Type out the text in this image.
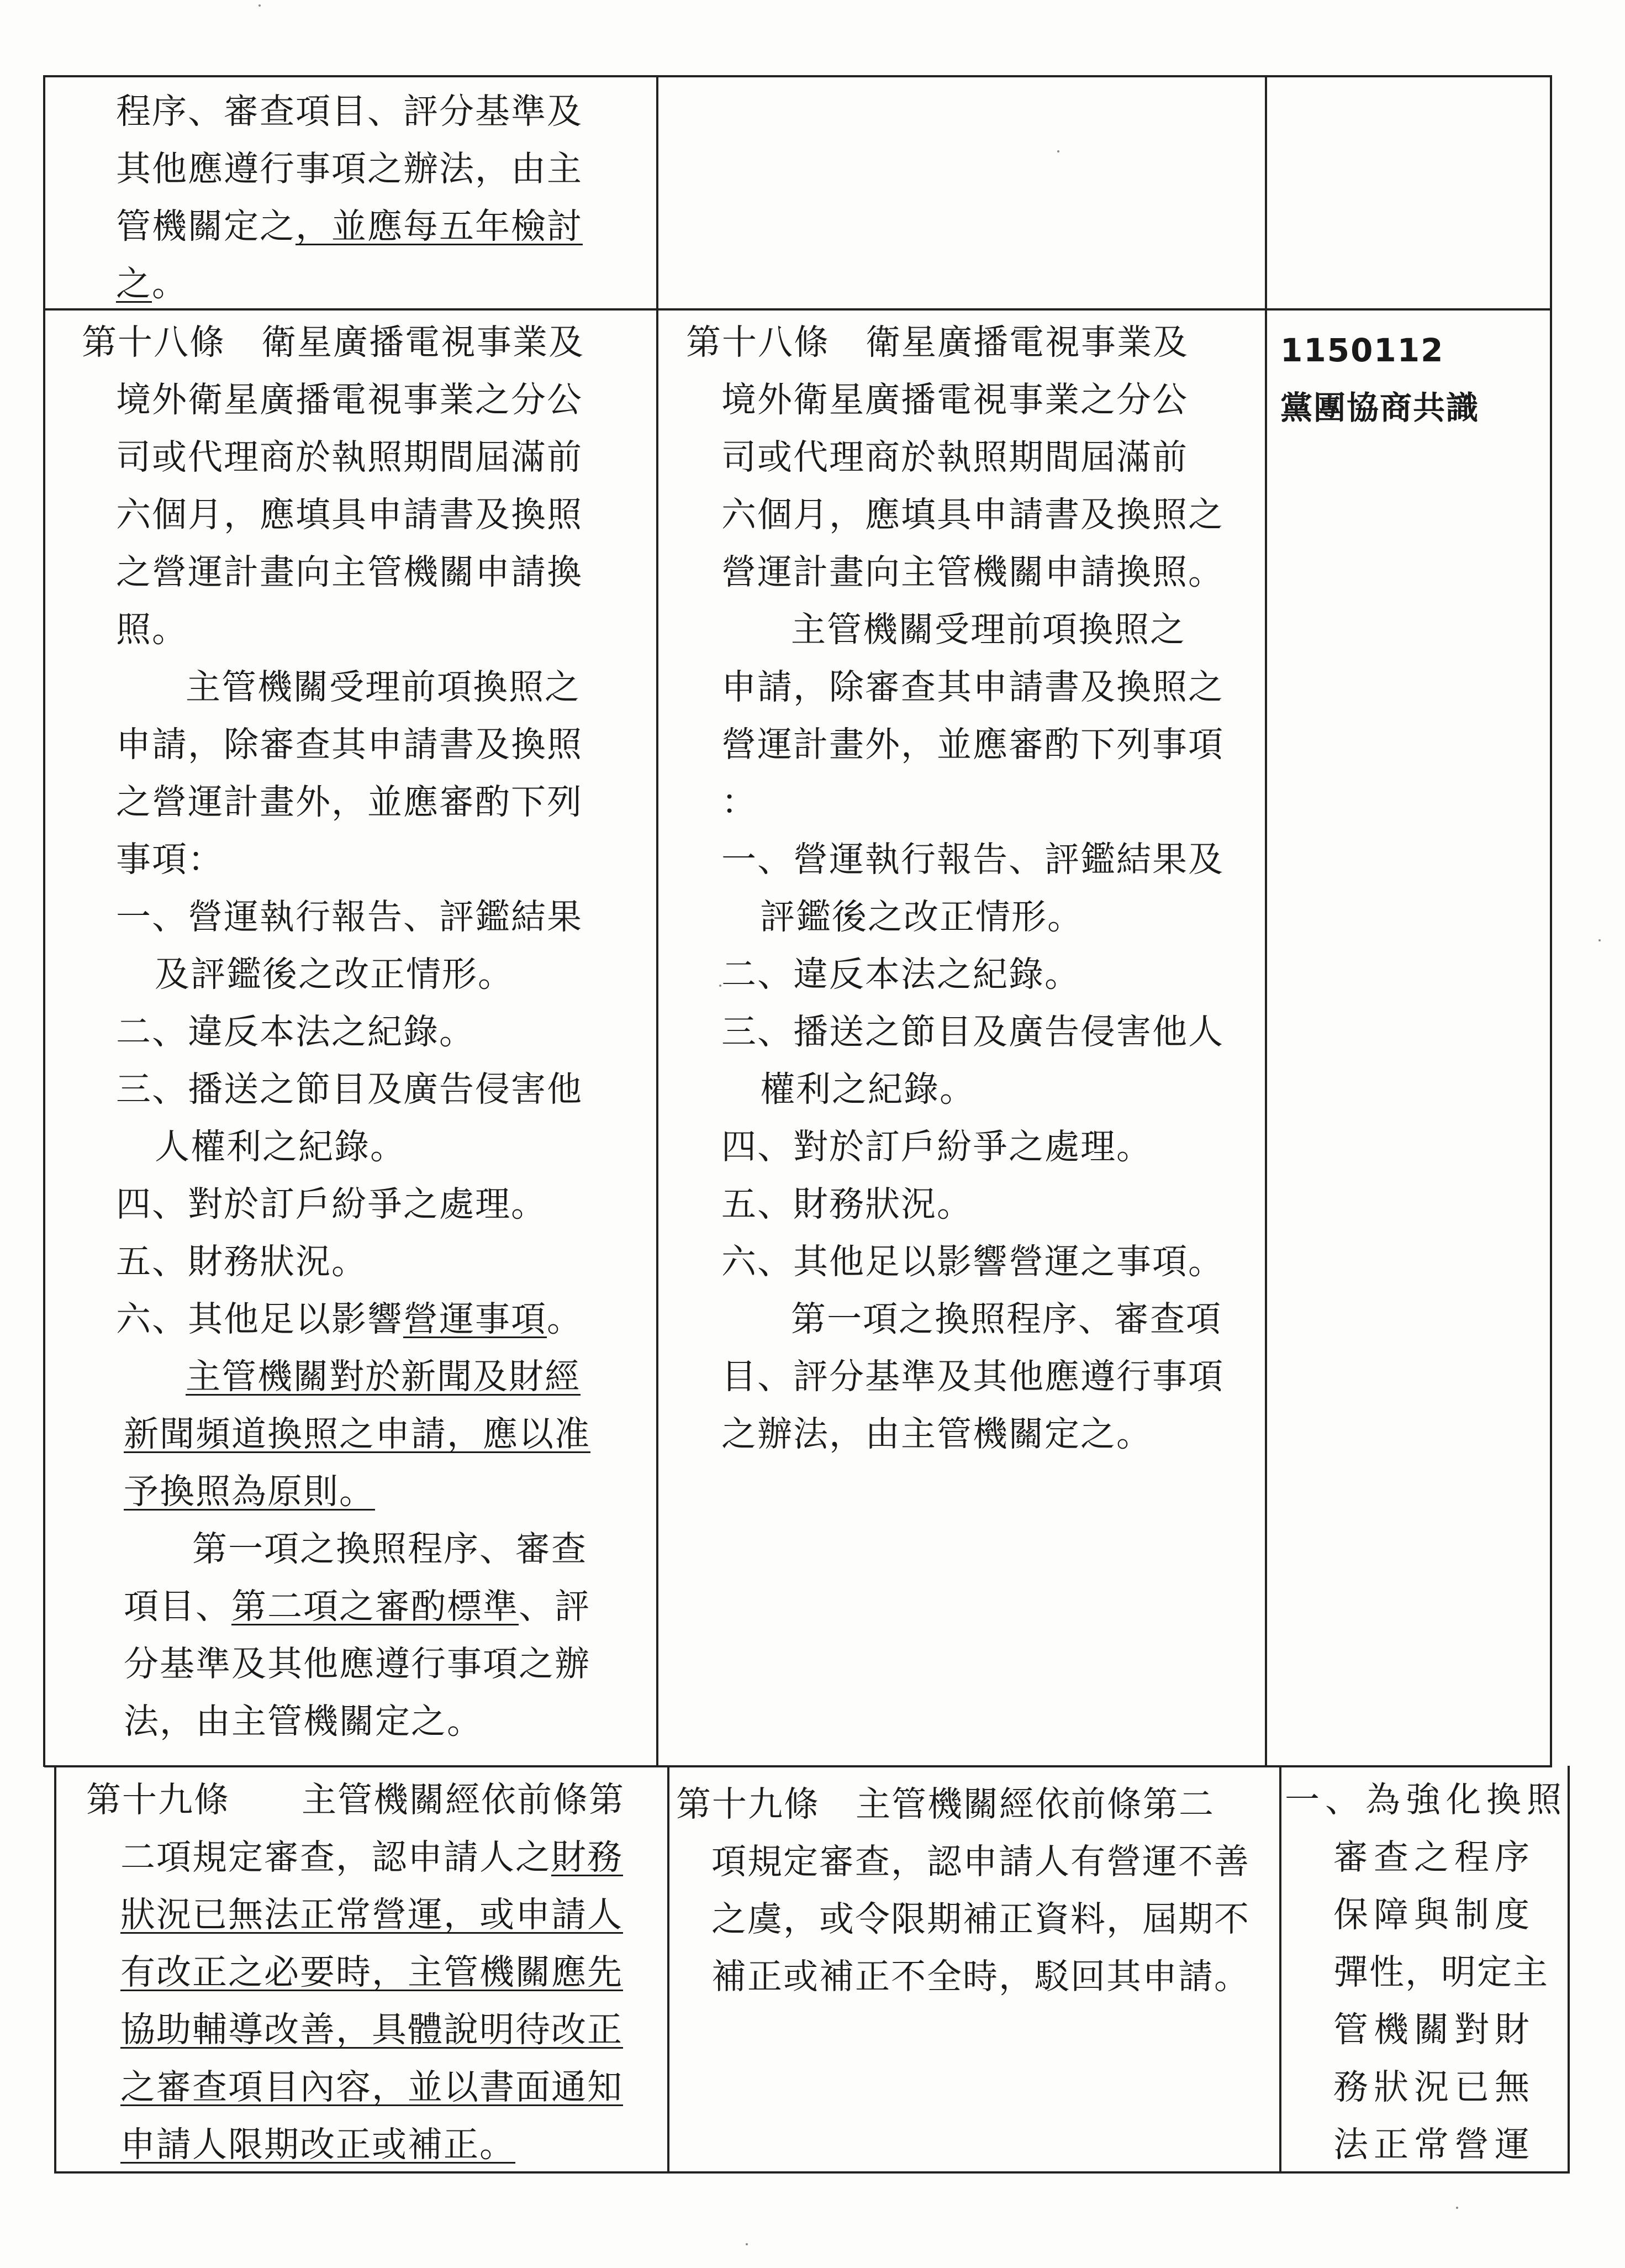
程序、審查項目、評分基準及
其他應遵行事項之辦法，由主
管機關定之，並應每五年檢討
之。
第十八條　衛星廣播電視事業及
境外衛星廣播電視事業之分公
司或代理商於執照期間屆滿前
六個月，應填具申請書及換照
之營運計畫向主管機關申請換
照。
主管機關受理前項換照之
申請，除審查其申請書及換照
之營運計畫外，並應審酌下列
事項：
一、營運執行報告、評鑑結果
及評鑑後之改正情形。
二、違反本法之紀錄。
三、播送之節目及廣告侵害他
人權利之紀錄。
四、對於訂戶紛爭之處理。
五、財務狀況。
六、其他足以影響營運事項。
主管機關對於新聞及財經
新聞頻道換照之申請，應以准
予換照為原則。
第一項之換照程序、審查
項目、第二項之審酌標準、評
分基準及其他應遵行事項之辦
法，由主管機關定之。
第十八條　衛星廣播電視事業及
境外衛星廣播電視事業之分公
司或代理商於執照期間屆滿前
六個月，應填具申請書及換照之
營運計畫向主管機關申請換照。
主管機關受理前項換照之
申請，除審查其申請書及換照之
營運計畫外，並應審酌下列事項
：
一、營運執行報告、評鑑結果及
評鑑後之改正情形。
二、違反本法之紀錄。
三、播送之節目及廣告侵害他人
權利之紀錄。
四、對於訂戶紛爭之處理。
五、財務狀況。
六、其他足以影響營運之事項。
第一項之換照程序、審查項
目、評分基準及其他應遵行事項
之辦法，由主管機關定之。
1150112
黨團協商共識
第十九條　　主管機關經依前條第
二項規定審查，認申請人之財務
狀況已無法正常營運，或申請人
有改正之必要時，主管機關應先
協助輔導改善，具體說明待改正
之審查項目內容，並以書面通知
申請人限期改正或補正。
第十九條　主管機關經依前條第二
項規定審查，認申請人有營運不善
之虞，或令限期補正資料，屆期不
補正或補正不全時，駁回其申請。
一、為強化換照
審查之程序
保障與制度
彈性，明定主
管機關對財
務狀況已無
法正常營運
